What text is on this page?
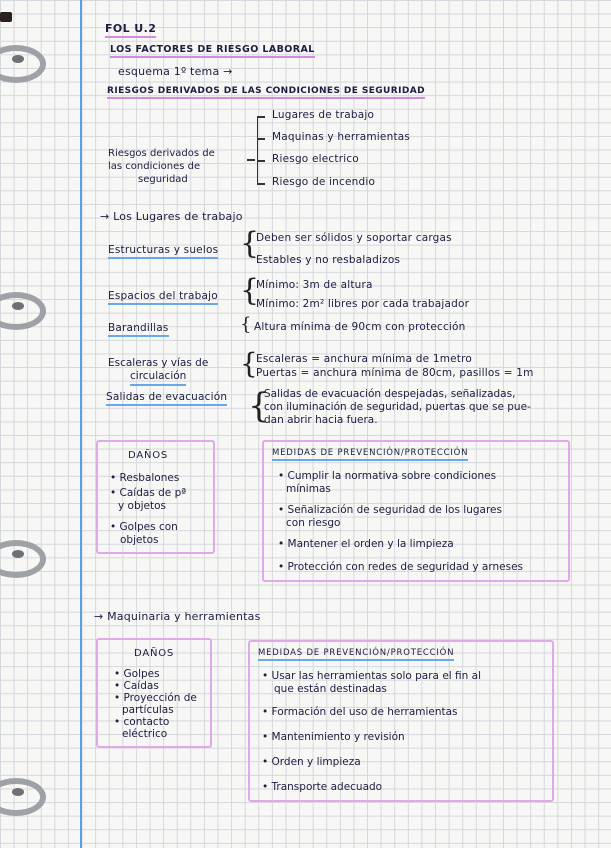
FOL U.2
LOS FACTORES DE RIESGO LABORAL
esquema 1º tema →
RIESGOS DERIVADOS DE LAS CONDICIONES DE SEGURIDAD
Riesgos derivados de
las condiciones de
seguridad
Lugares de trabajo
Maquinas y herramientas
Riesgo electrico
Riesgo de incendio
→ Los Lugares de trabajo
Estructuras y suelos {
Deben ser sólidos y soportar cargas
Estables y no resbaladizos
Espacios del trabajo {
Mínimo: 3m de altura
Mínimo: 2m² libres por cada trabajador
Barandillas	{ Altura mínima de 90cm con protección
Escaleras y vías de
circulación	{
Escaleras = anchura mínima de 1metro
Puertas = anchura mínima de 80cm, pasillos = 1m
Salidas de evacuación {
Salidas de evacuación despejadas, señalizadas,
con iluminación de seguridad, puertas que se pue-
dan abrir hacia fuera.
DAÑOS
• Resbalones
• Caídas de pª
y objetos
• Golpes con
objetos
MEDIDAS DE PREVENCIÓN/PROTECCIÓN
• Cumplir la normativa sobre condiciones
mínimas
• Señalización de seguridad de los lugares
con riesgo
• Mantener el orden y la limpieza
• Protección con redes de seguridad y arneses
→ Maquinaria y herramientas
DAÑOS
• Golpes
• Caídas
• Proyección de
partículas
• contacto
eléctrico
MEDIDAS DE PREVENCIÓN/PROTECCIÓN
• Usar las herramientas solo para el fin al
que están destinadas
• Formación del uso de herramientas
• Mantenimiento y revisión
• Orden y limpieza
• Transporte adecuado
